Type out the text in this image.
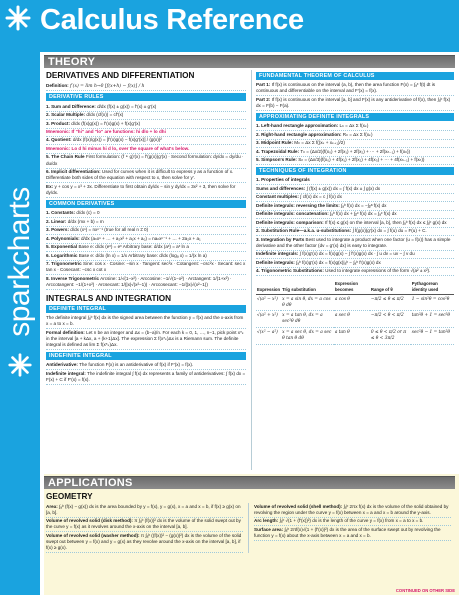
Calculus Reference
sparkcharts
THEORY
DERIVATIVES AND DIFFERENTIATION
Definition: f′(x) = lim h→0 [f(x+h) − f(x)] / h
DERIVATIVE RULES
1. Sum and Difference: d/dx (f(x) ± g(x)) = f′(x) ± g′(x)
2. Scalar Multiple: d/dx (cf(x)) = cf′(x)
3. Product: d/dx (f(x)g(x)) = f′(x)g(x) + f(x)g′(x)
Mnemonic: If "hi" and "lo" are functions: hi dlo + lo dhi
4. Quotient: d/dx (f(x)/g(x)) = [f′(x)g(x) − f(x)g′(x)] / (g(x))²
Mnemonic: Lo d hi minus hi d lo, over the square of what's below.
5. The Chain Rule First formulation: (f ∘ g)′(x) = f′(g(x))g′(x) · Second formulation: dy/dx = dy/du · du/dx
6. Implicit differentiation: Used for curves when it is difficult to express y as a function of x. Differentiate both sides of the equation with respect to x, then solve for y′.
Ex: y + cos y = x³ + 3x. Differentiate to first obtain dy/dx − sin y dy/dx = 3x² + 3, then solve for dy/dx.
COMMON DERIVATIVES
1. Constants: d/dx (c) = 0
2. Linear: d/dx (mx + b) = m
3. Powers: d/dx (xⁿ) = nxⁿ⁻¹ (true for all real n ≠ 0)
4. Polynomials: d/dx (aₙxⁿ + … + a₂x² + a₁x + a₀) = naₙxⁿ⁻¹ + … + 2a₂x + a₁
5. Exponential Base e: d/dx (eˣ) = eˣ Arbitrary base: d/dx (aˣ) = aˣ ln a
6. Logarithmic Base e: d/dx (ln x) = 1/x Arbitrary base: d/dx (logₐ x) = 1/(x ln a)
7. Trigonometric Sine: cos x · Cosine: −sin x · Tangent: sec²x · Cotangent: −csc²x · Secant: sec x tan x · Cosecant: −csc x cot x
8. Inverse Trigonometric Arcsine: 1/√(1−x²) · Arccosine: −1/√(1−x²) · Arctangent: 1/(1+x²) · Arccotangent: −1/(1+x²) · Arcsecant: 1/(|x|√(x²−1)) · Arccosecant: −1/(|x|√(x²−1))
INTEGRALS AND INTEGRATION
DEFINITE INTEGRAL
The definite integral ∫ₐᵇ f(x) dx is the signed area between the function y = f(x) and the x-axis from x = a to x = b.
Formal definition: Let n be an integer and Δx = (b−a)/n. For each k = 0, 1, …, n−1, pick point x*ₖ in the interval [a + kΔx, a + (k+1)Δx]. The expression Σ f(x*ₖ)Δx is a Riemann sum. The definite integral is defined as lim Σ f(x*ₖ)Δx.
INDEFINITE INTEGRAL
Antiderivative: The function F(x) is an antiderivative of f(x) if F′(x) = f(x).
Indefinite integral: The indefinite integral ∫ f(x) dx represents a family of antiderivatives: ∫ f(x) dx = F(x) + C if F′(x) = f(x).
FUNDAMENTAL THEOREM OF CALCULUS
Part 1: If f(x) is continuous on the interval (a, b), then the area function F(x) = ∫ₐˣ f(t) dt is continuous and differentiable on the interval and F′(x) = f(x).
Part 2: If f(x) is continuous on the interval [a, b] and F(x) is any antiderivative of f(x), then ∫ₐᵇ f(x) dx = F(b) − F(a).
APPROXIMATING DEFINITE INTEGRALS
1. Left-hand rectangle approximation: Lₙ = Δx Σ f(xₖ)
2. Right-hand rectangle approximation: Rₙ = Δx Σ f(xₖ)
3. Midpoint Rule: Mₙ = Δx Σ f((xₖ + xₖ₊₁)/2)
4. Trapezoidal Rule: Tₙ = (Δx/2)(f(x₀) + 2f(x₁) + 2f(x₂) + ⋯ + 2f(xₙ₋₁) + f(xₙ))
5. Simpson's Rule: Sₙ = (Δx/3)(f(x₀) + 4f(x₁) + 2f(x₂) + 4f(x₃) + ⋯ + 4f(xₙ₋₁) + f(xₙ))
TECHNIQUES OF INTEGRATION
1. Properties of integrals
Sums and differences: ∫ (f(x) ± g(x)) dx = ∫ f(x) dx ± ∫ g(x) dx
Constant multiples: ∫ cf(x) dx = c ∫ f(x) dx
Definite integrals: reversing the limits: ∫ₐᵇ f(x) dx = −∫ᵦᵃ f(x) dx
Definite integrals: concatenation: ∫ₐᵇ f(x) dx + ∫ᵦᶜ f(x) dx = ∫ₐᶜ f(x) dx
Definite integrals: comparison: If f(x) ≤ g(x) on the interval [a, b], then ∫ₐᵇ f(x) dx ≤ ∫ₐᵇ g(x) dx
2. Substitution Rule—a.k.a. u-substitutions: ∫ f(g(x))g′(x) dx = ∫ f(u) du = F(u) + C.
3. Integration by Parts Best used to integrate a product when one factor (u = f(x)) has a simple derivative and the other factor (dv = g′(x) dx) is easy to integrate.
Indefinite integrals: ∫ f(x)g′(x) dx = f(x)g(x) − ∫ f′(x)g(x) dx · ∫ u dv = uv − ∫ v du
Definite integrals: ∫ₐᵇ f(x)g′(x) dx = f(x)g(x)|ₐᵇ − ∫ₐᵇ f′(x)g(x) dx
4. Trigonometric Substitutions: Used to integrate expressions of the form √(a² ± x²).
Expression	Trig substitution	Expression becomes	Range of θ	Pythagorean identity used
√(a² − x²)	x = a sin θ, dx = a cos θ dθ	a cos θ	−π/2 ≤ θ ≤ π/2	1 − sin²θ = cos²θ
√(a² + x²)	x = a tan θ, dx = a sec²θ dθ	a sec θ	−π/2 < θ < π/2	tan²θ + 1 = sec²θ
√(x² − a²)	x = a sec θ, dx = a sec θ tan θ dθ	a tan θ	0 ≤ θ < π/2 or π ≤ θ < 3π/2	sec²θ − 1 = tan²θ
APPLICATIONS
GEOMETRY
Area: ∫ₐᵇ (f(x) − g(x)) dx is the area bounded by y = f(x), y = g(x), x = a and x = b, if f(x) ≥ g(x) on [a, b].
Volume of revolved solid (disk method): π ∫ₐᵇ (f(x))² dx is the volume of the solid swept out by the curve y = f(x) as it revolves around the x-axis on the interval [a, b].
Volume of revolved solid (washer method): π ∫ₐᵇ ((f(x))² − (g(x))²) dx is the volume of the solid swept out between y = f(x) and y = g(x) as they revolve around the x-axis on the interval [a, b], if f(x) ≥ g(x).
Volume of revolved solid (shell method): ∫ₐᵇ 2πx f(x) dx is the volume of the solid obtained by revolving the region under the curve y = f(x) between x = a and x = b around the y-axis.
Arc length: ∫ₐᵇ √(1 + (f′(x))²) dx is the length of the curve y = f(x) from x = a to x = b.
Surface area: ∫ₐᵇ 2πf(x)√(1 + (f′(x))²) dx is the area of the surface swept out by revolving the function y = f(x) about the x-axis between x = a and x = b.
CONTINUED ON OTHER SIDE
